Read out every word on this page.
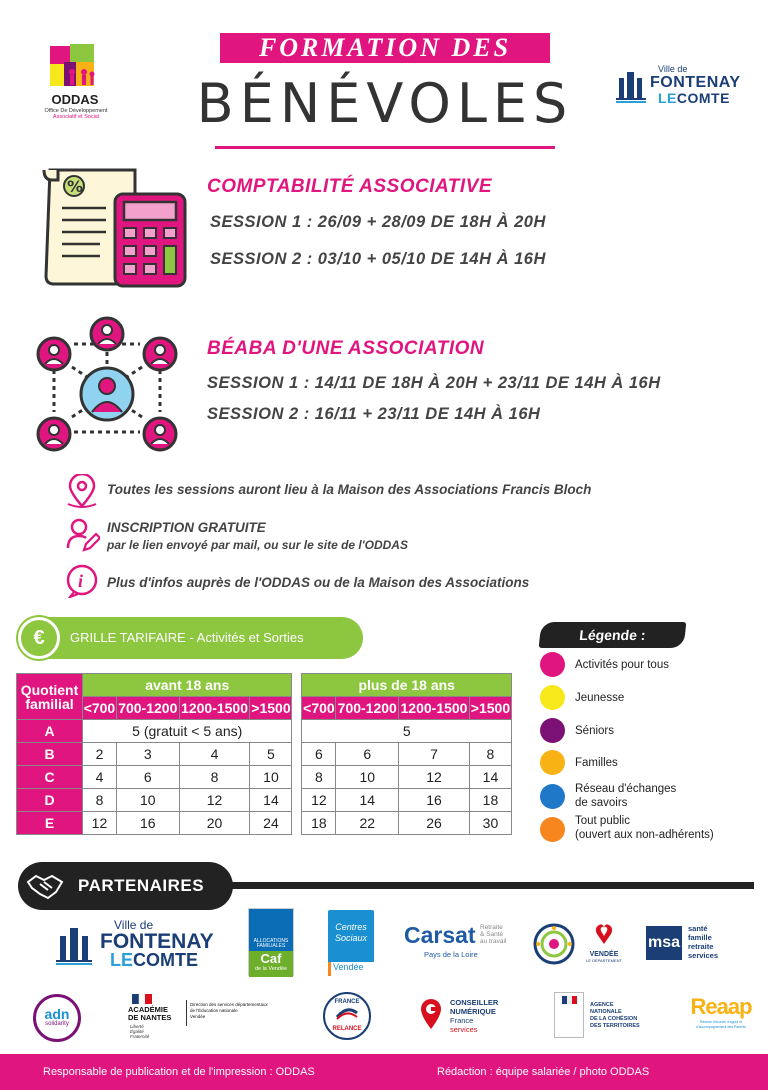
FORMATION DES
BÉNÉVOLES
ODDAS
Office De Développement
Associatif et Social
Ville de
FONTENAY
LECOMTE
%	COMPTABILITÉ ASSOCIATIVE
SESSION 1 : 26/09 + 28/09 DE 18H À 20H
SESSION 2 : 03/10 + 05/10 DE 14H À 16H
BÉABA D'UNE ASSOCIATION
SESSION 1 : 14/11 DE 18H À 20H + 23/11 DE 14H À 16H
SESSION 2 : 16/11 + 23/11 DE 14H À 16H
Toutes les sessions auront lieu à la Maison des Associations Francis Bloch
INSCRIPTION GRATUITE
par le lien envoyé par mail, ou sur le site de l'ODDAS
i Plus d'infos auprès de l'ODDAS ou de la Maison des Associations
GRILLE TARIFAIRE - Activités et Sorties
€
Quotient
familial	avant 18 ans					plus de 18 ans			
	<700	700-1200	1200-1500	>1500		<700	700-1200	1200-1500	>1500
A	5 (gratuit < 5 ans)					5			
B	2	3	4	5		6	6	7	8
C	4	6	8	10		8	10	12	14
D	8	10	12	14		12	14	16	18
E	12	16	20	24		18	22	26	30
Légende :
Activités pour tous
Jeunesse
Séniors
Familles
Réseau d'échanges
de savoirs
Tout public
(ouvert aux non-adhérents)
PARTENAIRES
Ville de
FONTENAY
LECOMTE
ALLOCATIONS
FAMILIALES
Caf
de la Vendée
Centres Sociaux
Vendée
Carsat Retraite
& Santé
au travail
Pays de la Loire	VENDÉE
LE DÉPARTEMENT
msa
santé
famille
retraite
services
adn
solidarity
ACADÉMIE
DE NANTES
Liberté
Égalité
Fraternité
Direction des services départementaux
de l'Éducation nationale
Vendée
FRANCE
RELANCE
CONSEILLER
NUMÉRIQUE
France
services
AGENCE
NATIONALE
DE LA COHÉSION
DES TERRITOIRES
Reaap
Réseau d'écoute d'appui et d'accompagnement des Parents
Responsable de publication et de l'impression : ODDAS	Rédaction : équipe salariée / photo ODDAS
